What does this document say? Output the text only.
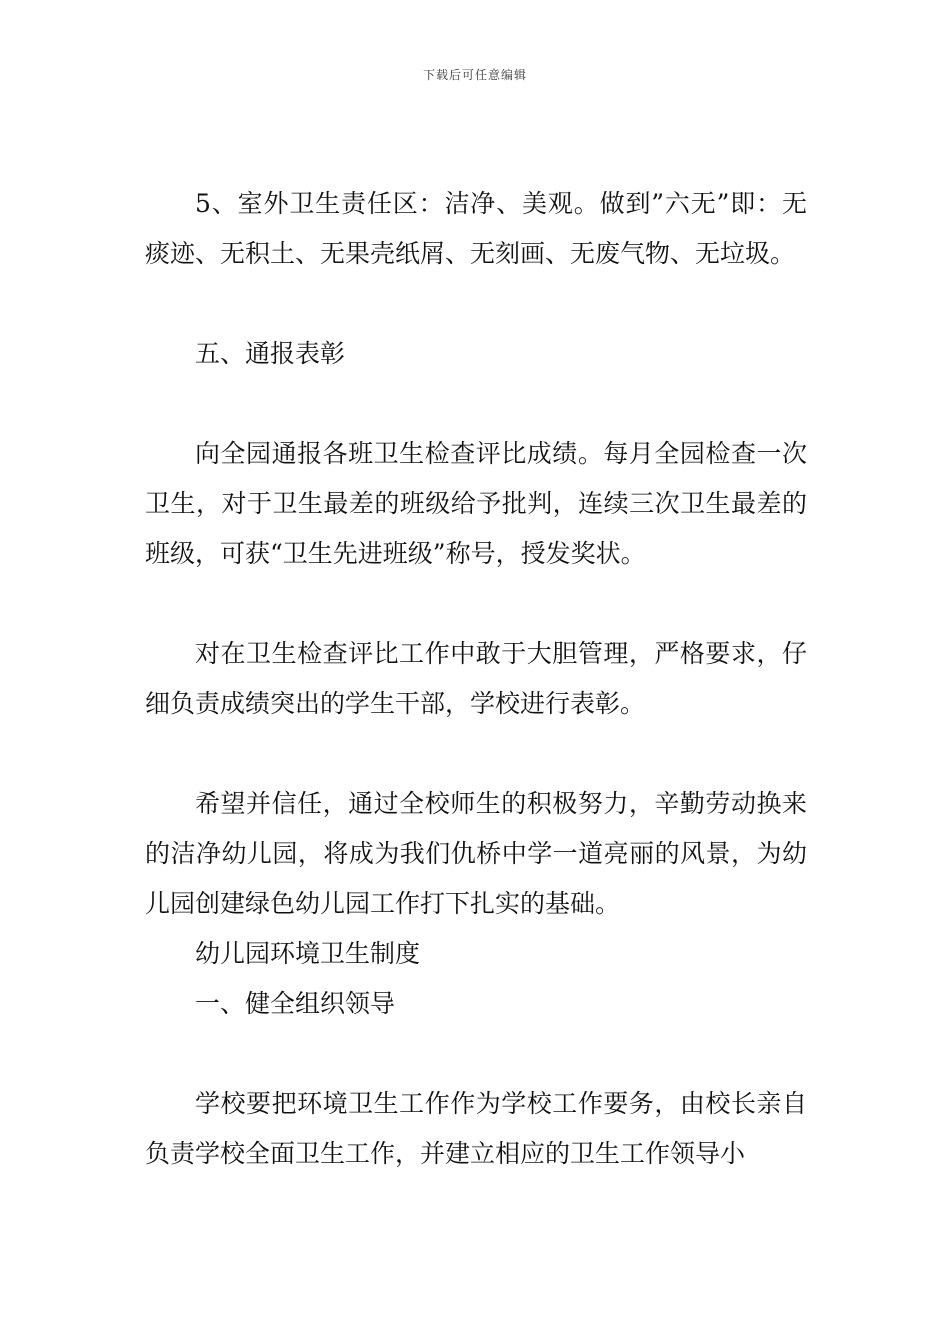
下载后可任意编辑

5、室外卫生责任区：洁净、美观。做到”六无”即：无痰迹、无积土、无果壳纸屑、无刻画、无废气物、无垃圾。

五、通报表彰

向全园通报各班卫生检查评比成绩。每月全园检查一次卫生，对于卫生最差的班级给予批判，连续三次卫生最差的班级，可获“卫生先进班级”称号，授发奖状。

对在卫生检查评比工作中敢于大胆管理，严格要求，仔细负责成绩突出的学生干部，学校进行表彰。

希望并信任，通过全校师生的积极努力，辛勤劳动换来的洁净幼儿园，将成为我们仇桥中学一道亮丽的风景，为幼儿园创建绿色幼儿园工作打下扎实的基础。

幼儿园环境卫生制度

一、健全组织领导

学校要把环境卫生工作作为学校工作要务，由校长亲自负责学校全面卫生工作，并建立相应的卫生工作领导小
